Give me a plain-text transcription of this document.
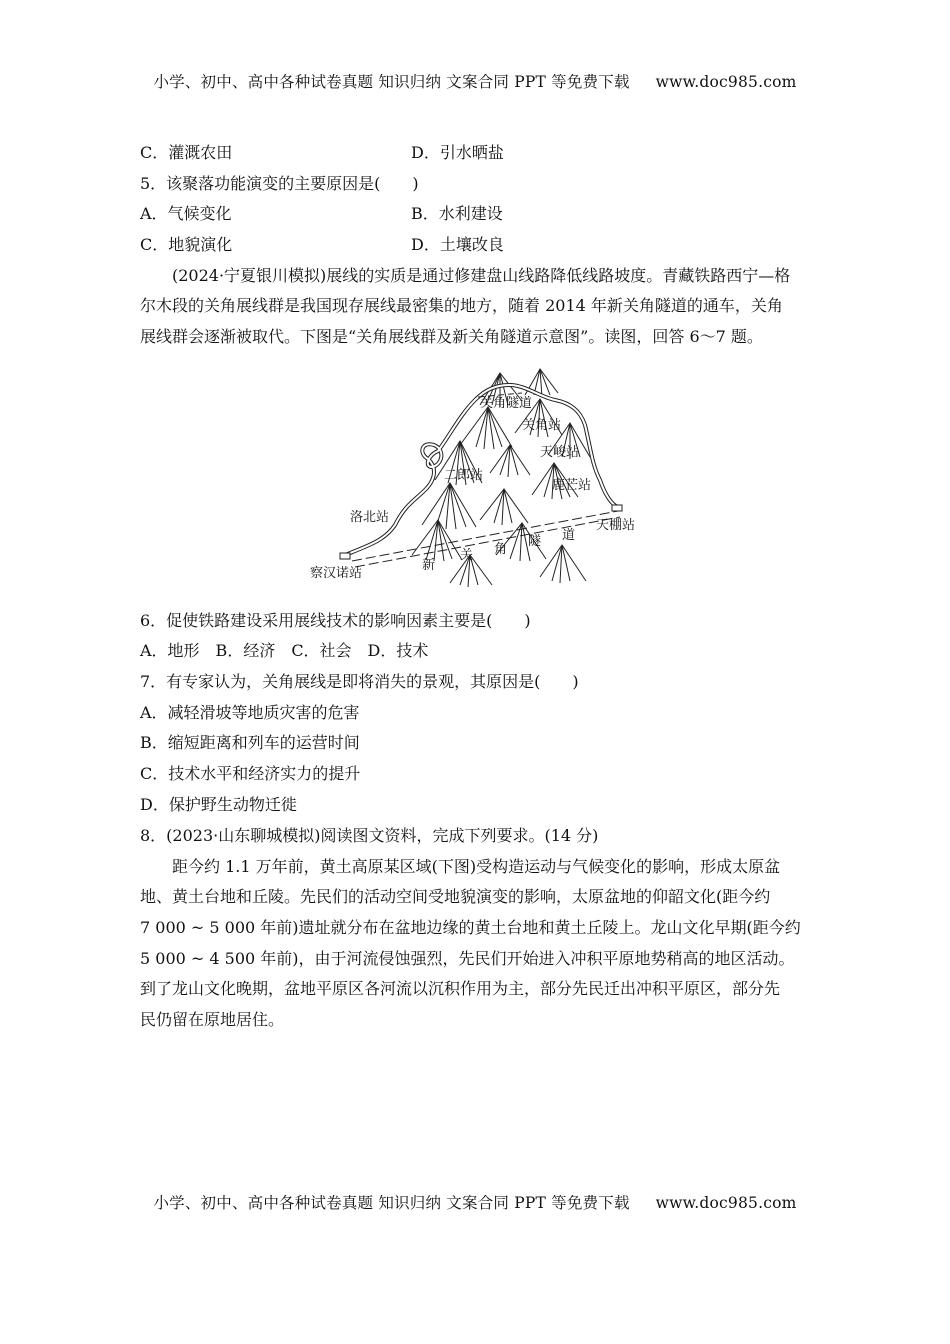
小学、初中、高中各种试卷真题 知识归纳 文案合同 PPT 等免费下载 www.doc985.com
C．灌溉农田	D．引水晒盐
5．该聚落功能演变的主要原因是(　　)
A．气候变化	B．水利建设
C．地貌演化	D．土壤改良
(2024·宁夏银川模拟)展线的实质是通过修建盘山线路降低线路坡度。青藏铁路西宁—格
尔木段的关角展线群是我国现存展线最密集的地方，随着 2014 年新关角隧道的通车，关角
展线群会逐渐被取代。下图是“关角展线群及新关角隧道示意图”。读图，回答 6～7 题。
关角隧道
关角站
天峻站
二郎站
鹿芒站
洛北站
天棚站
察汉诺站
新
关 角
隧 道
6．促使铁路建设采用展线技术的影响因素主要是(　　)
A．地形　B．经济　C．社会　D．技术
7．有专家认为，关角展线是即将消失的景观，其原因是(　　)
A．减轻滑坡等地质灾害的危害
B．缩短距离和列车的运营时间
C．技术水平和经济实力的提升
D．保护野生动物迁徙
8．(2023·山东聊城模拟)阅读图文资料，完成下列要求。(14 分)
距今约 1.1 万年前，黄土高原某区域(下图)受构造运动与气候变化的影响，形成太原盆
地、黄土台地和丘陵。先民们的活动空间受地貌演变的影响，太原盆地的仰韶文化(距今约
7 000 ~ 5 000 年前)遗址就分布在盆地边缘的黄土台地和黄土丘陵上。龙山文化早期(距今约
5 000 ~ 4 500 年前)，由于河流侵蚀强烈，先民们开始进入冲积平原地势稍高的地区活动。
到了龙山文化晚期，盆地平原区各河流以沉积作用为主，部分先民迁出冲积平原区，部分先
民仍留在原地居住。
小学、初中、高中各种试卷真题 知识归纳 文案合同 PPT 等免费下载 www.doc985.com
